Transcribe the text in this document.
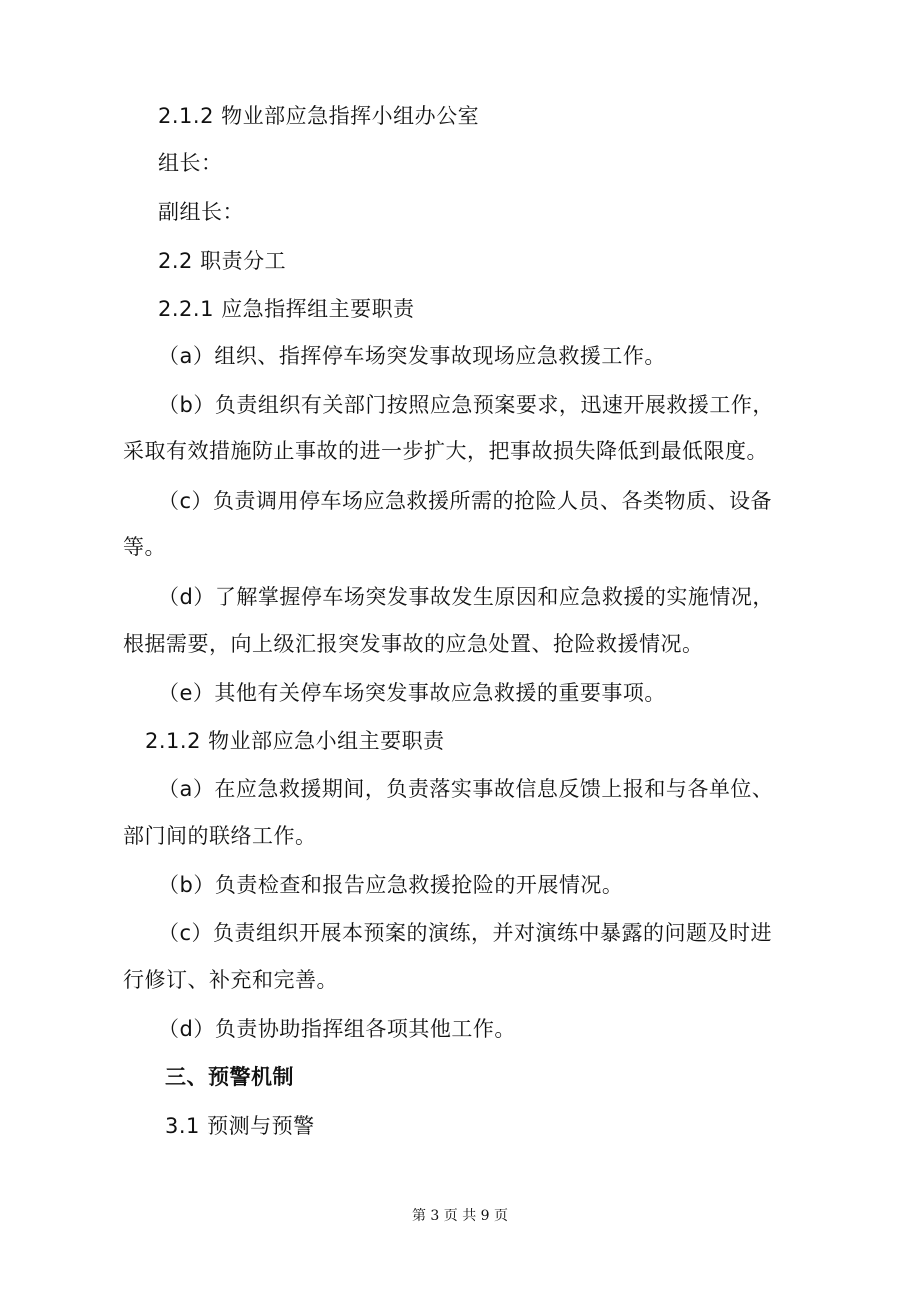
2.1.2 物业部应急指挥小组办公室
组长：
副组长：
2.2 职责分工
2.2.1 应急指挥组主要职责
（a）组织、指挥停车场突发事故现场应急救援工作。
（b）负责组织有关部门按照应急预案要求，迅速开展救援工作，
采取有效措施防止事故的进一步扩大，把事故损失降低到最低限度。
（c）负责调用停车场应急救援所需的抢险人员、各类物质、设备
等。
（d）了解掌握停车场突发事故发生原因和应急救援的实施情况，
根据需要，向上级汇报突发事故的应急处置、抢险救援情况。
（e）其他有关停车场突发事故应急救援的重要事项。
2.1.2 物业部应急小组主要职责
（a）在应急救援期间，负责落实事故信息反馈上报和与各单位、
部门间的联络工作。
（b）负责检查和报告应急救援抢险的开展情况。
（c）负责组织开展本预案的演练，并对演练中暴露的问题及时进
行修订、补充和完善。
（d）负责协助指挥组各项其他工作。
三、预警机制
3.1 预测与预警
第 3 页 共 9 页
